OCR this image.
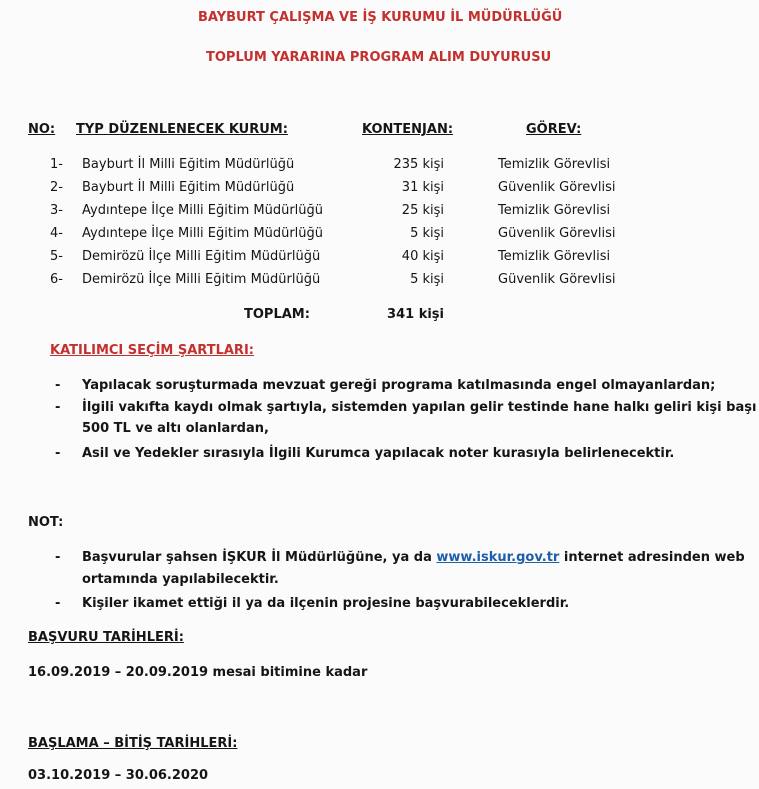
BAYBURT ÇALIŞMA VE İŞ KURUMU İL MÜDÜRLÜĞÜ
TOPLUM YARARINA PROGRAM ALIM DUYURUSU
NO: TYP DÜZENLENECEK KURUM:	KONTENJAN:	GÖREV:
1- Bayburt İl Milli Eğitim Müdürlüğü	235 kişi	Temizlik Görevlisi
2- Bayburt İl Milli Eğitim Müdürlüğü	31 kişi	Güvenlik Görevlisi
3- Aydıntepe İlçe Milli Eğitim Müdürlüğü	25 kişi	Temizlik Görevlisi
4- Aydıntepe İlçe Milli Eğitim Müdürlüğü	5 kişi	Güvenlik Görevlisi
5- Demirözü İlçe Milli Eğitim Müdürlüğü	40 kişi	Temizlik Görevlisi
6- Demirözü İlçe Milli Eğitim Müdürlüğü	5 kişi	Güvenlik Görevlisi
TOPLAM:	341 kişi
KATILIMCI SEÇİM ŞARTLARI:
- Yapılacak soruşturmada mevzuat gereği programa katılmasında engel olmayanlardan;
- İlgili vakıfta kaydı olmak şartıyla, sistemden yapılan gelir testinde hane halkı geliri kişi başı
500 TL ve altı olanlardan,
- Asil ve Yedekler sırasıyla İlgili Kurumca yapılacak noter kurasıyla belirlenecektir.
NOT:
- Başvurular şahsen İŞKUR İl Müdürlüğüne, ya da www.iskur.gov.tr internet adresinden web
ortamında yapılabilecektir.
- Kişiler ikamet ettiği il ya da ilçenin projesine başvurabileceklerdir.
BAŞVURU TARİHLERİ:
16.09.2019 – 20.09.2019 mesai bitimine kadar
BAŞLAMA – BİTİŞ TARİHLERİ:
03.10.2019 – 30.06.2020
